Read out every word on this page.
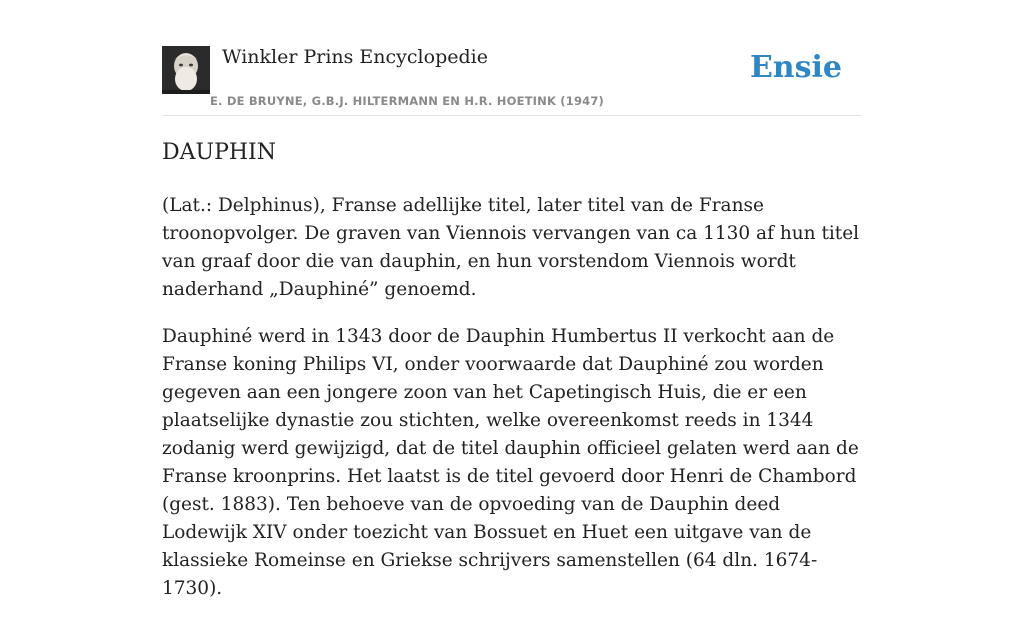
Winkler Prins Encyclopedie
E. DE BRUYNE, G.B.J. HILTERMANN EN H.R. HOETINK (1947)
Ensie
DAUPHIN

(Lat.: Delphinus), Franse adellijke titel, later titel van de Franse troonopvolger. De graven van Viennois vervangen van ca 1130 af hun titel van graaf door die van dauphin, en hun vorstendom Viennois wordt naderhand „Dauphiné” genoemd.

Dauphiné werd in 1343 door de Dauphin Humbertus II verkocht aan de Franse koning Philips VI, onder voorwaarde dat Dauphiné zou worden gegeven aan een jongere zoon van het Capetingisch Huis, die er een plaatselijke dynastie zou stichten, welke overeenkomst reeds in 1344 zodanig werd gewijzigd, dat de titel dauphin officieel gelaten werd aan de Franse kroonprins. Het laatst is de titel gevoerd door Henri de Chambord (gest. 1883). Ten behoeve van de opvoeding van de Dauphin deed Lodewijk XIV onder toezicht van Bossuet en Huet een uitgave van de klassieke Romeinse en Griekse schrijvers samenstellen (64 dln. 1674-1730).
